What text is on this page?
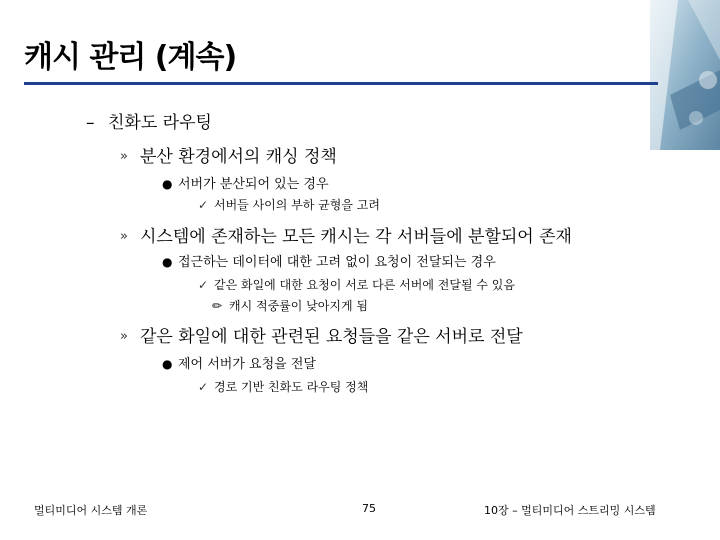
캐시 관리 (계속)
– 친화도 라우팅
» 분산 환경에서의 캐싱 정책
● 서버가 분산되어 있는 경우
✓ 서버들 사이의 부하 균형을 고려
» 시스템에 존재하는 모든 캐시는 각 서버들에 분할되어 존재
● 접근하는 데이터에 대한 고려 없이 요청이 전달되는 경우
✓ 같은 화일에 대한 요청이 서로 다른 서버에 전달될 수 있음
✏ 캐시 적중률이 낮아지게 됨
» 같은 화일에 대한 관련된 요청들을 같은 서버로 전달
● 제어 서버가 요청을 전달
✓ 경로 기반 친화도 라우팅 정책
멀티미디어 시스템 개론	75	10장 – 멀티미디어 스트리밍 시스템
